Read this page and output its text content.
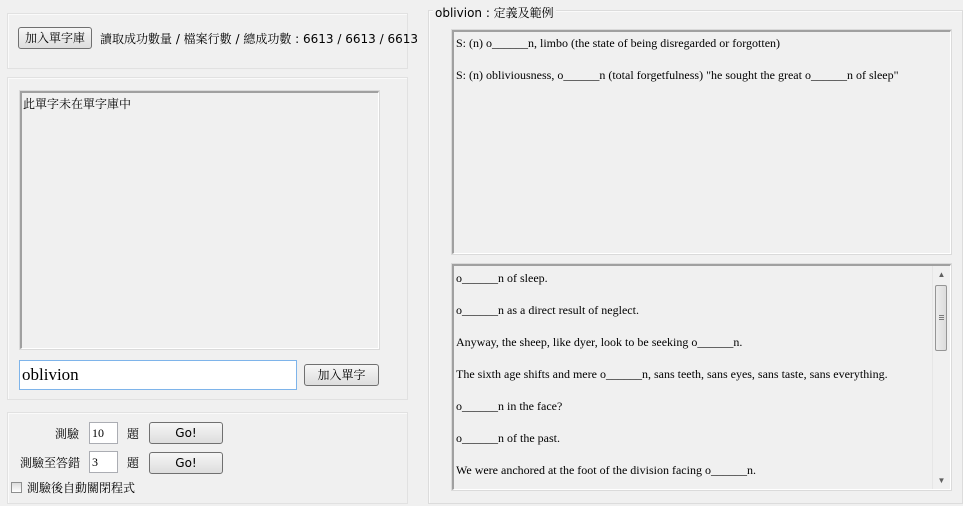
加入單字庫	讀取成功數量 / 檔案行數 / 總成功數 : 6613 / 6613 / 6613
此單字未在單字庫中
oblivion
加入單字
測驗
10	題	Go!
測驗至答錯
3	題	Go!
測驗後自動關閉程式
oblivion : 定義及範例
S: (n) o______n, limbo (the state of being disregarded or forgotten)
S: (n) obliviousness, o______n (total forgetfulness) "he sought the great o______n of sleep"
o______n of sleep.
o______n as a direct result of neglect.
Anyway, the sheep, like dyer, look to be seeking o______n.
The sixth age shifts and mere o______n, sans teeth, sans eyes, sans taste, sans everything.
o______n in the face?
o______n of the past.
We were anchored at the foot of the division facing o______n.
▲
▼
